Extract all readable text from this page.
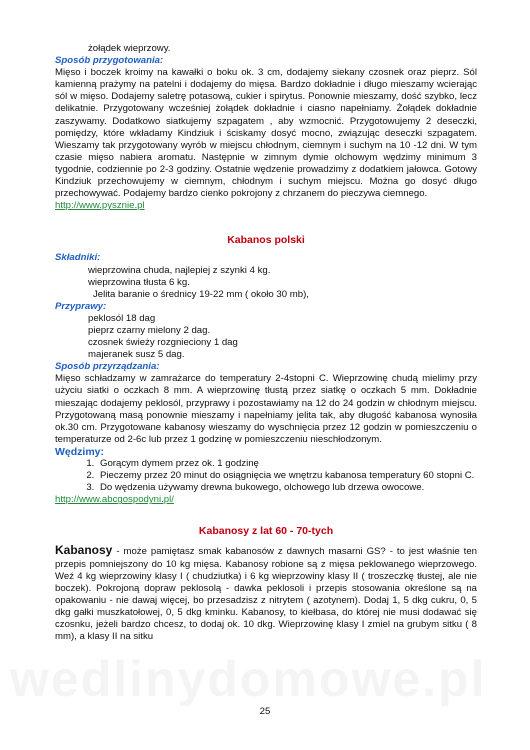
wedlinydomowe.pl
żołądek wieprzowy.
Sposób przygotowania:
Mięso i boczek kroimy na kawałki o boku ok. 3 cm, dodajemy siekany czosnek oraz pieprz. Sól kamienną prażymy na patelni i dodajemy do mięsa. Bardzo dokładnie i długo mieszamy wcierając sól w mięso. Dodajemy saletrę potasową, cukier i spirytus. Ponownie mieszamy, dość szybko, lecz delikatnie. Przygotowany wcześniej żołądek dokładnie i ciasno napełniamy. Żołądek dokładnie zaszywamy. Dodatkowo siatkujemy szpagatem , aby wzmocnić. Przygotowujemy 2 deseczki, pomiędzy, które wkładamy Kindziuk i ściskamy dosyć mocno, związując deseczki szpagatem. Wieszamy tak przygotowany wyrób w miejscu chłodnym, ciemnym i suchym na 10 -12 dni. W tym czasie mięso nabiera aromatu. Następnie w zimnym dymie olchowym wędzimy minimum 3 tygodnie, codziennie po 2-3 godziny. Ostatnie wędzenie prowadzimy z dodatkiem jałowca. Gotowy Kindziuk przechowujemy w ciemnym, chłodnym i suchym miejscu. Można go dosyć długo przechowywać. Podajemy bardzo cienko pokrojony z chrzanem do pieczywa ciemnego.
http://www.pysznie.pl
Kabanos polski
Składniki:
wieprzowina chuda, najlepiej z szynki 4 kg.
wieprzowina tłusta 6 kg.
Jelita baranie o średnicy 19-22 mm ( około 30 mb),
Przyprawy:
peklosól 18 dag
pieprz czarny mielony 2 dag.
czosnek świeży rozgnieciony 1 dag
majeranek susz 5 dag.
Sposób przyrządzania:
Mięso schładzamy w zamrażarce do temperatury 2-4stopni C. Wieprzowinę chudą mielimy przy użyciu siatki o oczkach 8 mm. A wieprzowinę tłustą przez siatkę o oczkach 5 mm. Dokładnie mieszając dodajemy peklosól, przyprawy i pozostawiamy na 12 do 24 godzin w chłodnym miejscu. Przygotowaną masą ponownie mieszamy i napełniamy jelita tak, aby długość kabanosa wynosiła ok.30 cm. Przygotowane kabanosy wieszamy do wyschnięcia przez 12 godzin w pomieszczeniu o temperaturze od 2-6c lub przez 1 godzinę w pomieszczeniu nieschłodzonym.
Wędzimy:
1. Gorącym dymem przez ok. 1 godzinę
2. Pieczemy przez 20 minut do osiągnięcia we wnętrzu kabanosa temperatury 60 stopni C.
3. Do wędzenia używamy drewna bukowego, olchowego lub drzewa owocowe.
http://www.abcgospodyni.pl/
Kabanosy z lat 60 - 70-tych
Kabanosy - może pamiętasz smak kabanosów z dawnych masarni GS? - to jest właśnie ten przepis pomniejszony do 10 kg mięsa. Kabanosy robione są z mięsa peklowanego wieprzowego. Weź 4 kg wieprzowiny klasy I ( chudziutka) i 6 kg wieprzowiny klasy II ( troszeczkę tłustej, ale nie boczek). Pokrojoną dopraw peklosolą - dawka peklosoli i przepis stosowania określone są na opakowaniu - nie dawaj więcej, bo przesadzisz z nitrytem ( azotynem). Dodaj 1, 5 dkg cukru, 0, 5 dkg gałki muszkatołowej, 0, 5 dkg kminku. Kabanosy, to kiełbasa, do której nie musi dodawać się czosnku, jeżeli bardzo chcesz, to dodaj ok. 10 dkg. Wieprzowinę klasy I zmiel na grubym sitku ( 8 mm), a klasy II na sitku
25
